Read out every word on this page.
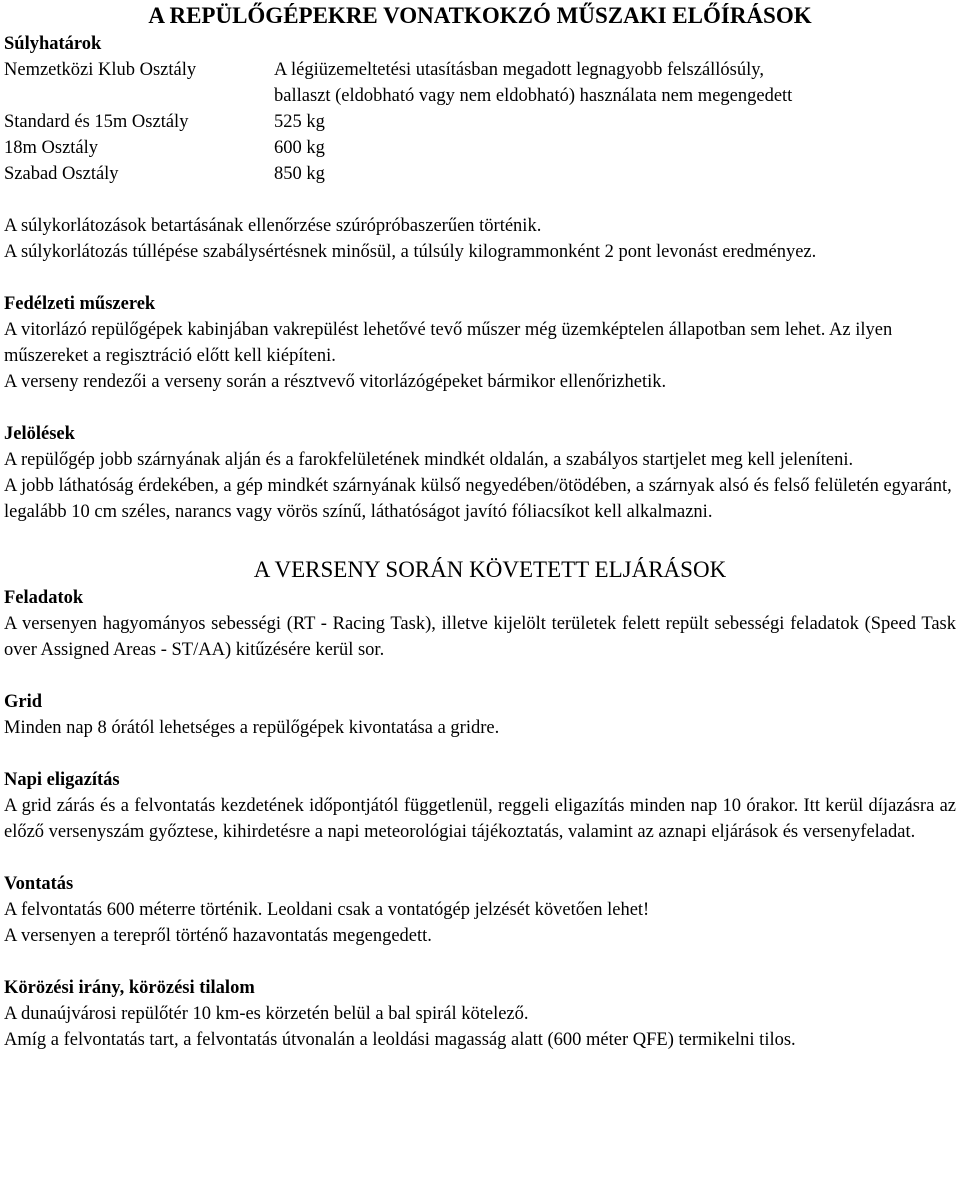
A REPÜLŐGÉPEKRE VONATKOKZÓ MŰSZAKI ELŐÍRÁSOK
Súlyhatárok
Nemzetközi Klub Osztály	A légiüzemeltetési utasításban megadott legnagyobb felszállósúly,
ballaszt (eldobható vagy nem eldobható) használata nem megengedett
Standard és 15m Osztály	525 kg
18m Osztály	600 kg
Szabad Osztály	850 kg

A súlykorlátozások betartásának ellenőrzése szúrópróbaszerűen történik.

A súlykorlátozás túllépése szabálysértésnek minősül, a túlsúly kilogrammonként 2 pont levonást eredményez.

Fedélzeti műszerek

A vitorlázó repülőgépek kabinjában vakrepülést lehetővé tevő műszer még üzemképtelen állapotban sem lehet. Az ilyen műszereket a regisztráció előtt kell kiépíteni.

A verseny rendezői a verseny során a résztvevő vitorlázógépeket bármikor ellenőrizhetik.

Jelölések

A repülőgép jobb szárnyának alján és a farokfelületének mindkét oldalán, a szabályos startjelet meg kell jeleníteni.

A jobb láthatóság érdekében, a gép mindkét szárnyának külső negyedében/ötödében, a szárnyak alsó és felső felületén egyaránt, legalább 10 cm széles, narancs vagy vörös színű, láthatóságot javító fóliacsíkot kell alkalmazni.

A VERSENY SORÁN KÖVETETT ELJÁRÁSOK
Feladatok

A versenyen hagyományos sebességi (RT - Racing Task), illetve kijelölt területek felett repült sebességi feladatok (Speed Task over Assigned Areas - ST/AA) kitűzésére kerül sor.

Grid

Minden nap 8 órától lehetséges a repülőgépek kivontatása a gridre.

Napi eligazítás

A grid zárás és a felvontatás kezdetének időpontjától függetlenül, reggeli eligazítás minden nap 10 órakor. Itt kerül díjazásra az előző versenyszám győztese, kihirdetésre a napi meteorológiai tájékoztatás, valamint az aznapi eljárások és versenyfeladat.

Vontatás

A felvontatás 600 méterre történik. Leoldani csak a vontatógép jelzését követően lehet!

A versenyen a terepről történő hazavontatás megengedett.

Körözési irány, körözési tilalom

A dunaújvárosi repülőtér 10 km-es körzetén belül a bal spirál kötelező.

Amíg a felvontatás tart, a felvontatás útvonalán a leoldási magasság alatt (600 méter QFE) termikelni tilos.
